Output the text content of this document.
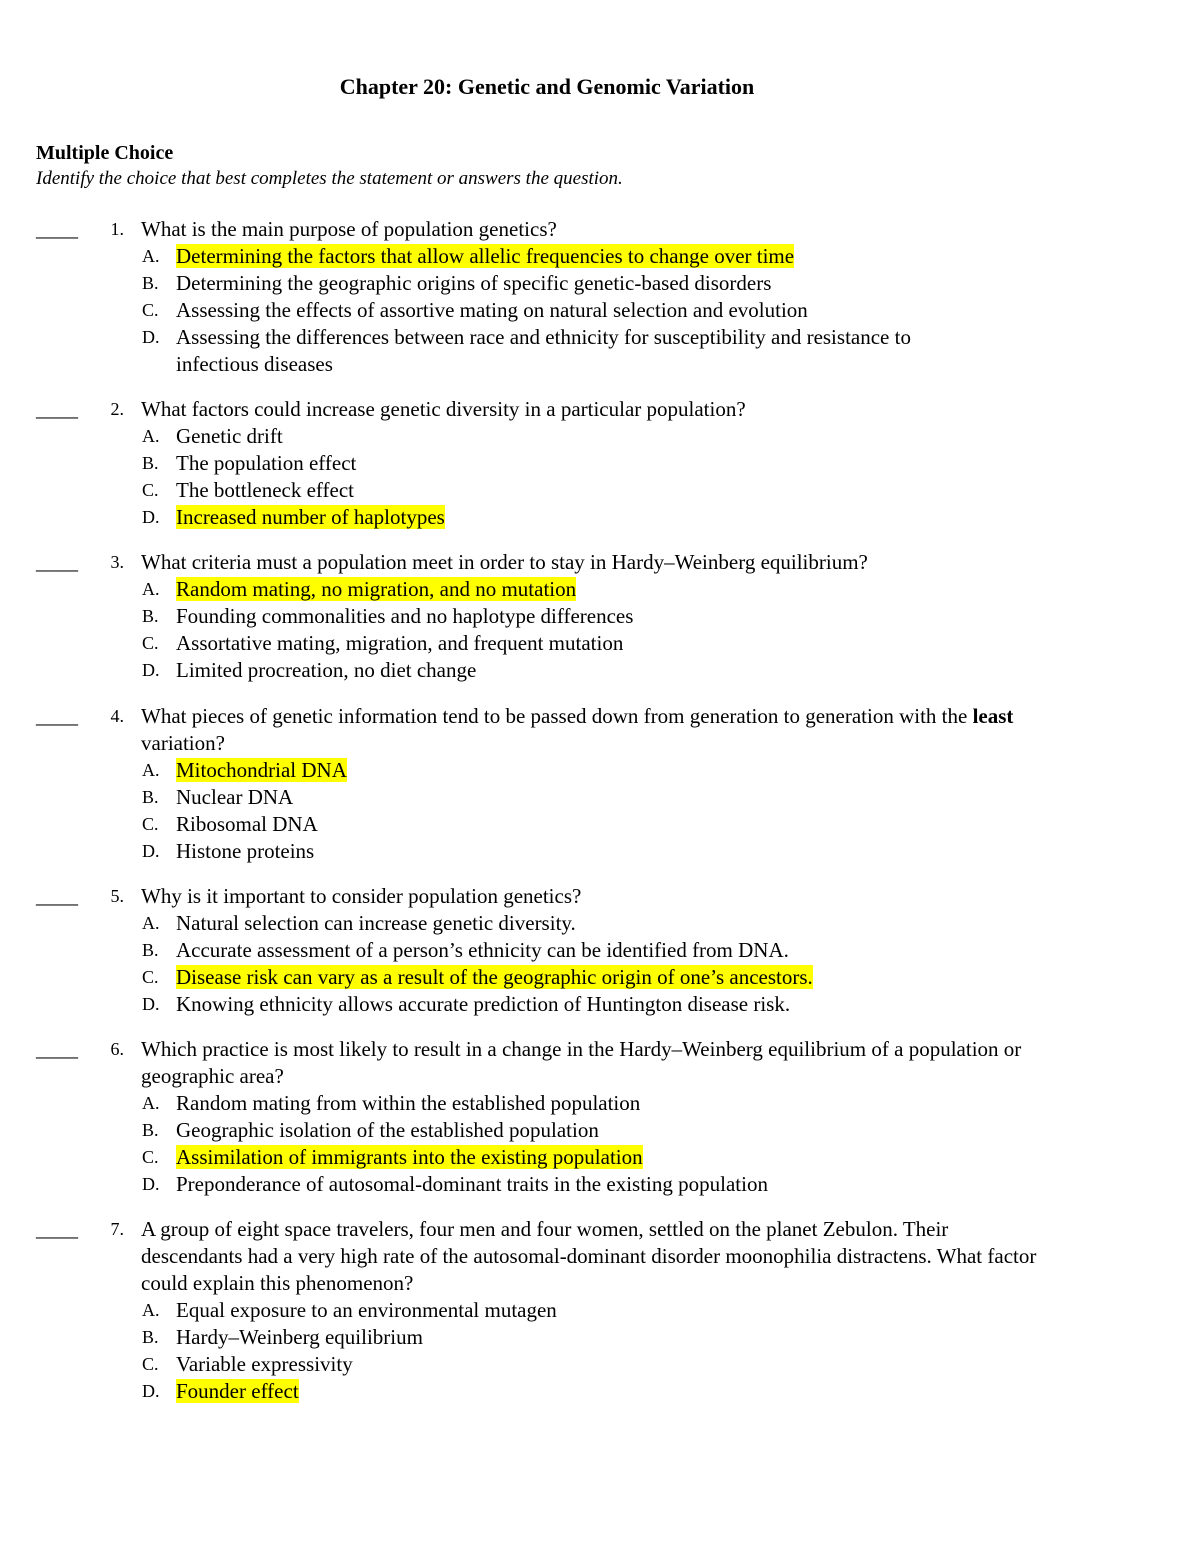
Chapter 20: Genetic and Genomic Variation
Multiple Choice
Identify the choice that best completes the statement or answers the question.
____	1. What is the main purpose of population genetics?
A. Determining the factors that allow allelic frequencies to change over time
B. Determining the geographic origins of specific genetic-based disorders
C. Assessing the effects of assortive mating on natural selection and evolution
D. Assessing the differences between race and ethnicity for susceptibility and resistance to infectious diseases
____	2. What factors could increase genetic diversity in a particular population?
A. Genetic drift
B. The population effect
C. The bottleneck effect
D. Increased number of haplotypes
____	3. What criteria must a population meet in order to stay in Hardy–Weinberg equilibrium?
A. Random mating, no migration, and no mutation
B. Founding commonalities and no haplotype differences
C. Assortative mating, migration, and frequent mutation
D. Limited procreation, no diet change
____	4. What pieces of genetic information tend to be passed down from generation to generation with the least variation?
A. Mitochondrial DNA
B. Nuclear DNA
C. Ribosomal DNA
D. Histone proteins
____	5. Why is it important to consider population genetics?
A. Natural selection can increase genetic diversity.
B. Accurate assessment of a person’s ethnicity can be identified from DNA.
C. Disease risk can vary as a result of the geographic origin of one’s ancestors.
D. Knowing ethnicity allows accurate prediction of Huntington disease risk.
____	6. Which practice is most likely to result in a change in the Hardy–Weinberg equilibrium of a population or geographic area?
A. Random mating from within the established population
B. Geographic isolation of the established population
C. Assimilation of immigrants into the existing population
D. Preponderance of autosomal-dominant traits in the existing population
____	7. A group of eight space travelers, four men and four women, settled on the planet Zebulon. Their descendants had a very high rate of the autosomal-dominant disorder moonophilia distractens. What factor could explain this phenomenon?
A. Equal exposure to an environmental mutagen
B. Hardy–Weinberg equilibrium
C. Variable expressivity
D. Founder effect
